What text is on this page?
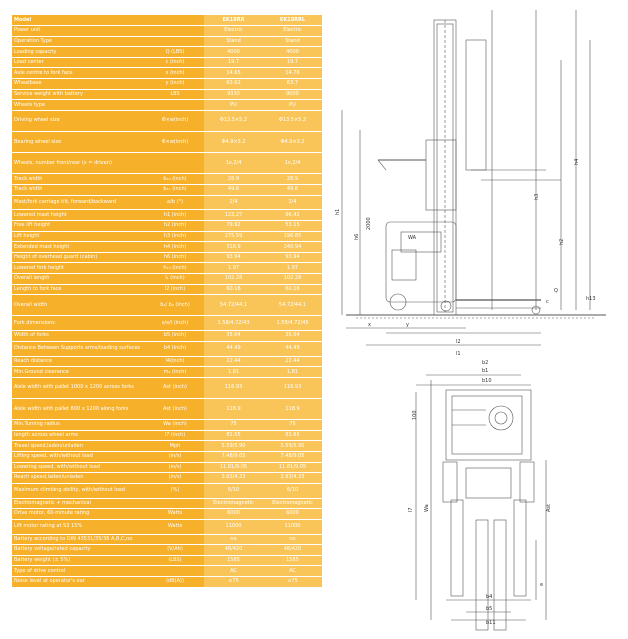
Model		EK18RR	EK18RRL
Power unit		Electric	Electric
Operation Type		Stand	Stand
Loading capacity	Q (LBS)	4000	4000
Load center	c (inch)	19.7	19.7
Axle centre to fork face	x (inch)	14.65	14.76
Wheelbase	y (inch)	63.62	63.7
Service weight with battery	LBS	9330	9000
Wheels type		PU	PU
Driving wheel size	Φ×w(inch)	Φ13.5×5.2	Φ13.5×5.2
Bearing wheel size	Φ×w(inch)	Φ4.9×3.2	Φ4.9×3.2
Wheels, number front/rear (x = driven)		1x,2/4	1x,2/4
Track width	b₁₀ (inch)	28.9	28.9
Track width	b₁₁ (inch)	49.6	49.6
Mast/fork carriage tilt, forward/backward	a/b (°)	2/4	2/4
Lowered mast height	h1 (inch)	123.27	96.42
Free lift height	h2 (inch)	79.92	53.15
Lift height	h3 (inch)	275.59	196.85
Extended mast height	h4 (inch)	318.9	240.94
Height of overhead guard (cabin)	h6 (inch)	93.94	93.94
Lowered fork height	h₁₃ (inch)	1.97	1.97
Overall length	l₁ (inch)	102.28	102.28
Length to fork face	l2 (inch)	60.16	60.16
Overall width	b₁/ b₂ (inch)	54.72/44.1	54.72/44.1
Fork dimensions	s/e/l (inch)	1.58/4.72/43	1.58/4.72/45
Width of forks	b5 (inch)	35.04	35.04
Distance Between Supports arms/loading surfaces	b4 (inch)	44.49	44.49
Reach distance	l4(inch)	22.44	22.44
Min.Ground clearance	m₂ (inch)	1.81	1.81
Aisle width with pallet 1000 x 1200 across forks	Ast (inch)	116.93	116.93
Aisle width with pallet 800 x 1200 along forks	Ast (inch)	118.9	118.9
Min.Turning radius	Wa (inch)	75	75
length across wheel arms	l7 (inch)	81.65	81.65
Travel speed,laden/unladen	Mph	5.59/5.90	5.59/5.90
Lifting speed, with/without load	(in/s)	7.48/9.05	7.48/9.05
Lowering speed, with/without load	(in/s)	11.81/9.05	11.81/9.05
Reach speed,laden/unladen	(in/s)	3.93/4.33	3.93/4.33
Maximum climbing ability, with/without load	(%)	6/10	6/10
Electromagnetic + mechanical		Electromagnetic	Electromagnetic
Drive motor, 60-minute rating	Watts	6000	6000
Lift motor rating at S3 15%	Watts	11000	11000
Battery according to DIN 43531/35/36 A,B,C,no		no	no
Battery voltage/rated capacity	(V/Ah)	48/420	48/420
Battery weight (± 5%)	(LBS)	1585	1585
Type of drive control		AC	AC
Noise level at operator's ear	(dB(A))	≤75	≤75
h4
h3
h1
h2
h6
2000
l2
l1
y
x
h13
Q
c
WA
b2
b10
b1
l7 Wa	Ast
b4
b5
b11
e
100
